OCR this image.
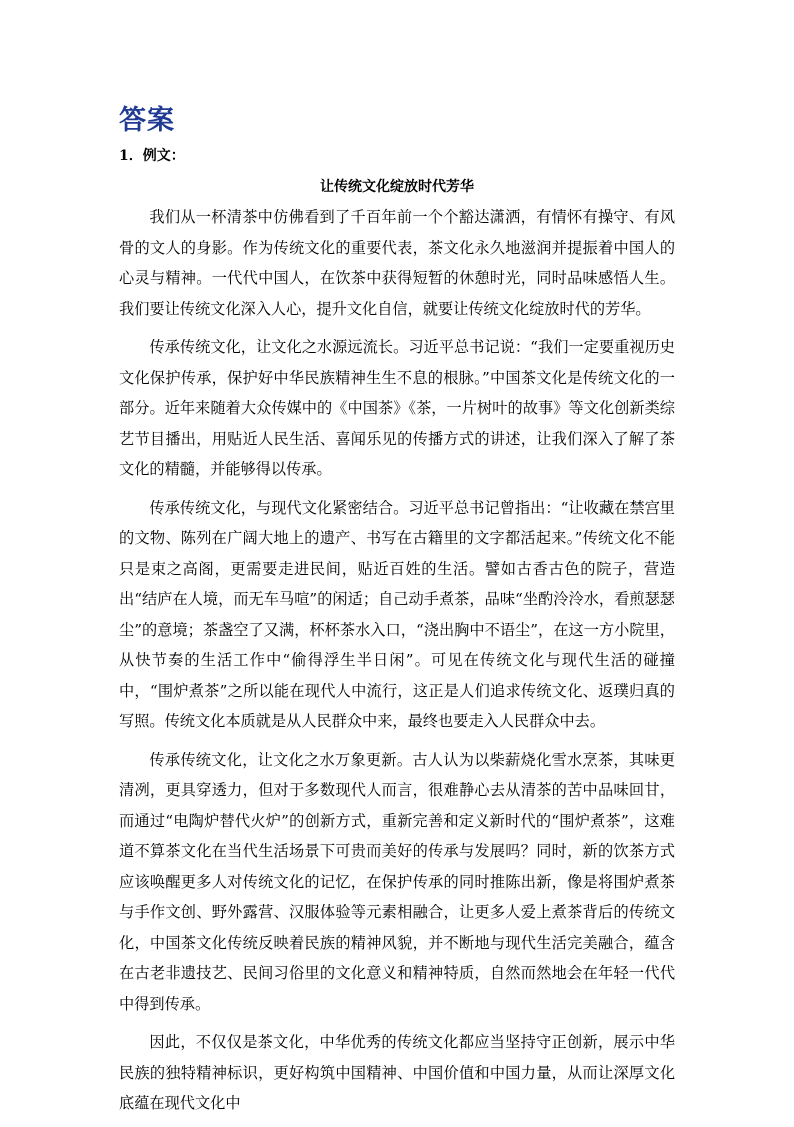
答案
1．例文：
让传统文化绽放时代芳华

我们从一杯清茶中仿佛看到了千百年前一个个豁达潇洒，有情怀有操守、有风骨的文人的身影。作为传统文化的重要代表，茶文化永久地滋润并提振着中国人的心灵与精神。一代代中国人，在饮茶中获得短暂的休憩时光，同时品味感悟人生。我们要让传统文化深入人心，提升文化自信，就要让传统文化绽放时代的芳华。

传承传统文化，让文化之水源远流长。习近平总书记说：“我们一定要重视历史文化保护传承，保护好中华民族精神生生不息的根脉。”中国茶文化是传统文化的一部分。近年来随着大众传媒中的《中国茶》《茶，一片树叶的故事》等文化创新类综艺节目播出，用贴近人民生活、喜闻乐见的传播方式的讲述，让我们深入了解了茶文化的精髓，并能够得以传承。

传承传统文化，与现代文化紧密结合。习近平总书记曾指出：“让收藏在禁宫里的文物、陈列在广阔大地上的遗产、书写在古籍里的文字都活起来。”传统文化不能只是束之高阁，更需要走进民间，贴近百姓的生活。譬如古香古色的院子，营造出“结庐在人境，而无车马喧”的闲适；自己动手煮茶，品味“坐酌泠泠水，看煎瑟瑟尘”的意境；茶盏空了又满，杯杯茶水入口，“浇出胸中不语尘”，在这一方小院里，从快节奏的生活工作中“偷得浮生半日闲”。可见在传统文化与现代生活的碰撞中，“围炉煮茶”之所以能在现代人中流行，这正是人们追求传统文化、返璞归真的写照。传统文化本质就是从人民群众中来，最终也要走入人民群众中去。

传承传统文化，让文化之水万象更新。古人认为以柴薪烧化雪水烹茶，其味更清冽，更具穿透力，但对于多数现代人而言，很难静心去从清茶的苦中品味回甘，而通过“电陶炉替代火炉”的创新方式，重新完善和定义新时代的“围炉煮茶”，这难道不算茶文化在当代生活场景下可贵而美好的传承与发展吗？同时，新的饮茶方式应该唤醒更多人对传统文化的记忆，在保护传承的同时推陈出新，像是将围炉煮茶与手作文创、野外露营、汉服体验等元素相融合，让更多人爱上煮茶背后的传统文化，中国茶文化传统反映着民族的精神风貌，并不断地与现代生活完美融合，蕴含在古老非遗技艺、民间习俗里的文化意义和精神特质，自然而然地会在年轻一代代中得到传承。

因此，不仅仅是茶文化，中华优秀的传统文化都应当坚持守正创新，展示中华民族的独特精神标识，更好构筑中国精神、中国价值和中国力量，从而让深厚文化底蕴在现代文化中
